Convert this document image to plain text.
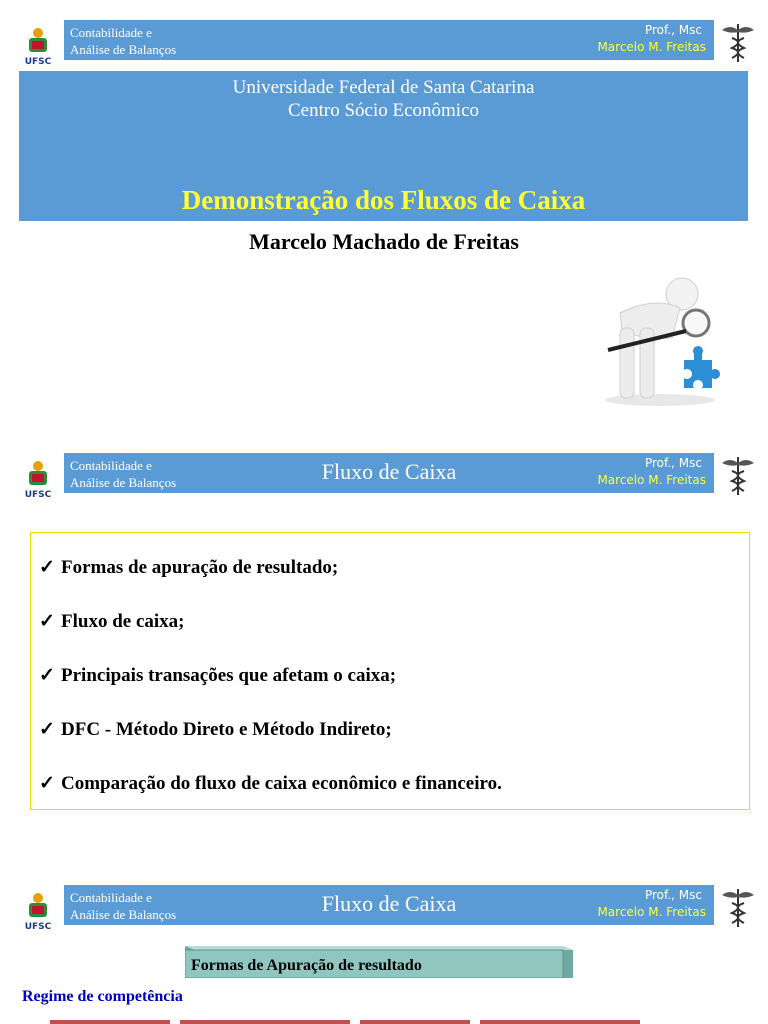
UFSC
Contabilidade e
Análise de Balanços
Prof., Msc
Marcelo M. Freitas
Universidade Federal de Santa Catarina
Centro Sócio Econômico
Demonstração dos Fluxos de Caixa
Marcelo Machado de Freitas
UFSC
Contabilidade e
Análise de Balanços	Fluxo de Caixa	Prof., Msc
Marcelo M. Freitas
✓ Formas de apuração de resultado;
✓ Fluxo de caixa;
✓ Principais transações que afetam o caixa;
✓ DFC - Método Direto e Método Indireto;
✓ Comparação do fluxo de caixa econômico e financeiro.
UFSC
Contabilidade e
Análise de Balanços	Fluxo de Caixa	Prof., Msc
Marcelo M. Freitas
Formas de Apuração de resultado
Regime de competência
